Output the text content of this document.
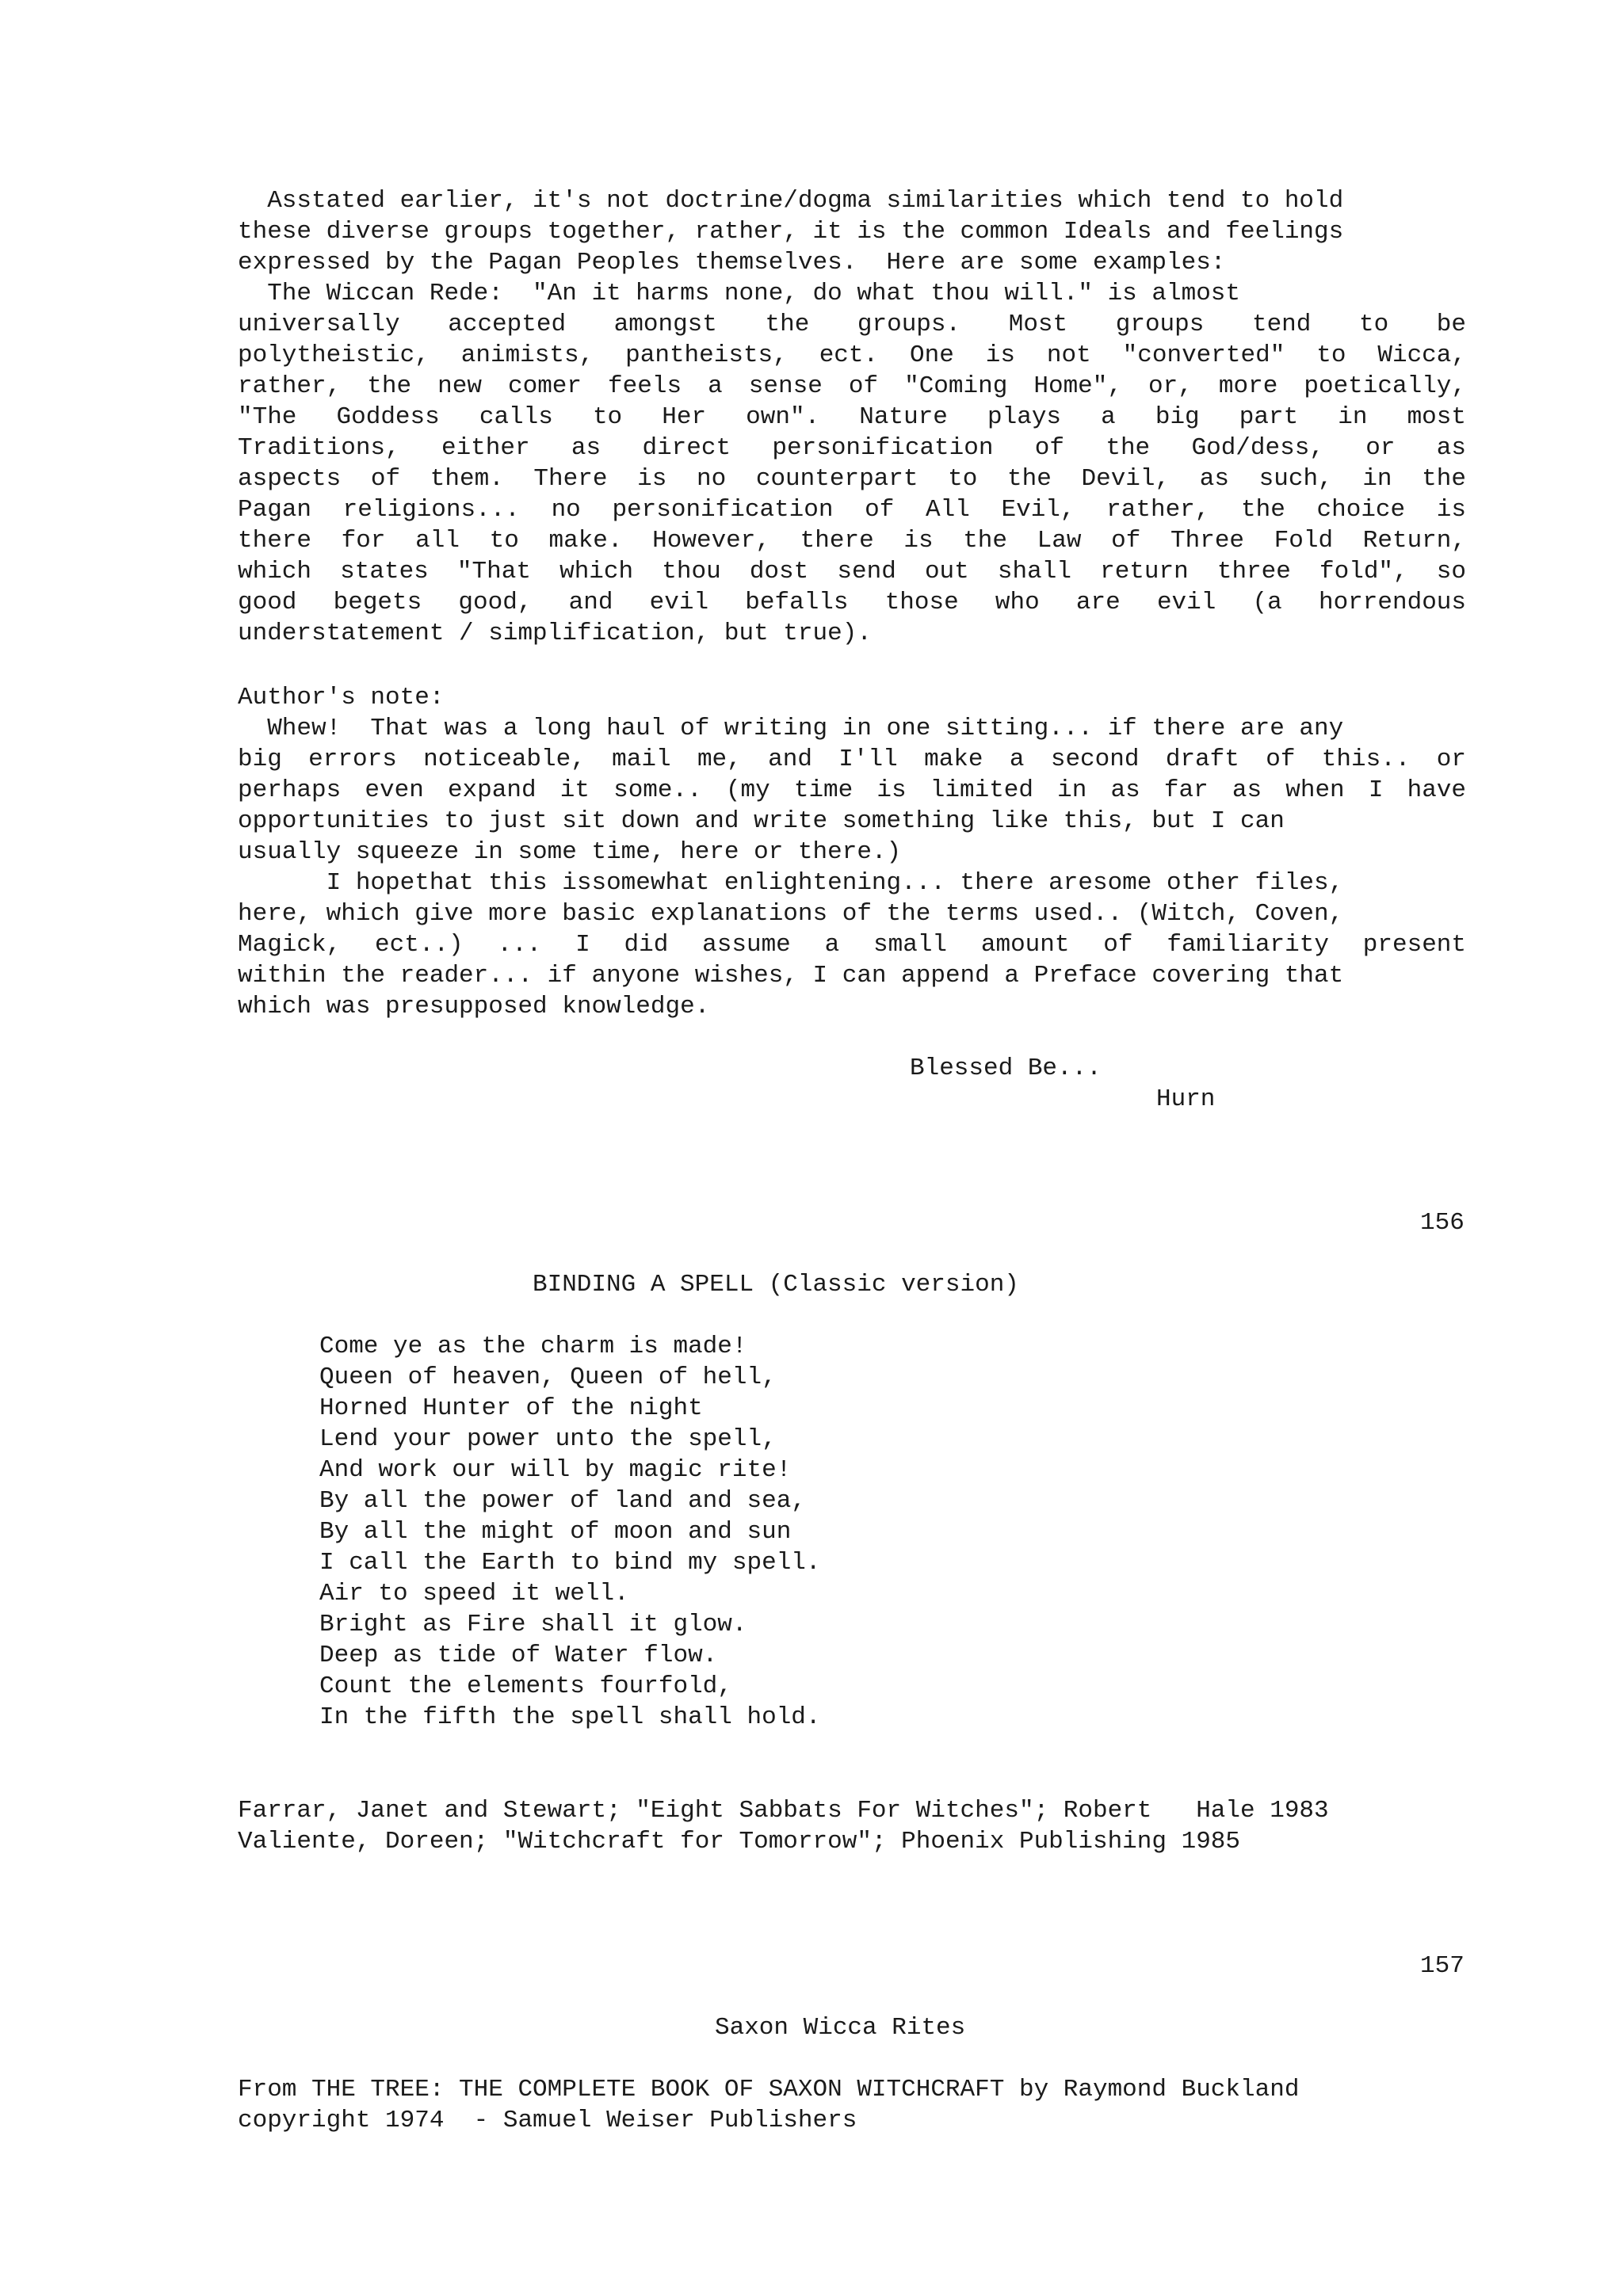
Asstated earlier, it's not doctrine/dogma similarities which tend to hold
these diverse groups together, rather, it is the common Ideals and feelings
expressed by the Pagan Peoples themselves.  Here are some examples:
The Wiccan Rede:  "An it harms none, do what thou will." is almost
universally accepted amongst the groups. Most groups tend to be
polytheistic, animists, pantheists, ect. One is not "converted" to Wicca,
rather, the new comer feels a sense of "Coming Home", or, more poetically,
"The Goddess calls to Her own". Nature plays a big part in most
Traditions, either as direct personification of the God/dess, or as
aspects of them. There is no counterpart to the Devil, as such, in the
Pagan religions... no personification of All Evil, rather, the choice is
there for all to make. However, there is the Law of Three Fold Return,
which states "That which thou dost send out shall return three fold", so
good begets good, and evil befalls those who are evil (a horrendous
understatement / simplification, but true).
Author's note:
Whew!  That was a long haul of writing in one sitting... if there are any
big errors noticeable, mail me, and I'll make a second draft of this.. or
perhaps even expand it some.. (my time is limited in as far as when I have
opportunities to just sit down and write something like this, but I can
usually squeeze in some time, here or there.)
I hopethat this issomewhat enlightening... there aresome other files,
here, which give more basic explanations of the terms used.. (Witch, Coven,
Magick, ect..) ... I did assume a small amount of familiarity present
within the reader... if anyone wishes, I can append a Preface covering that
which was presupposed knowledge.
Blessed Be...
Hurn
156
BINDING A SPELL (Classic version)
Come ye as the charm is made!
Queen of heaven, Queen of hell,
Horned Hunter of the night
Lend your power unto the spell,
And work our will by magic rite!
By all the power of land and sea,
By all the might of moon and sun
I call the Earth to bind my spell.
Air to speed it well.
Bright as Fire shall it glow.
Deep as tide of Water flow.
Count the elements fourfold,
In the fifth the spell shall hold.
Farrar, Janet and Stewart; "Eight Sabbats For Witches"; Robert   Hale 1983
Valiente, Doreen; "Witchcraft for Tomorrow"; Phoenix Publishing 1985
157
Saxon Wicca Rites
From THE TREE: THE COMPLETE BOOK OF SAXON WITCHCRAFT by Raymond Buckland
copyright 1974  - Samuel Weiser Publishers
